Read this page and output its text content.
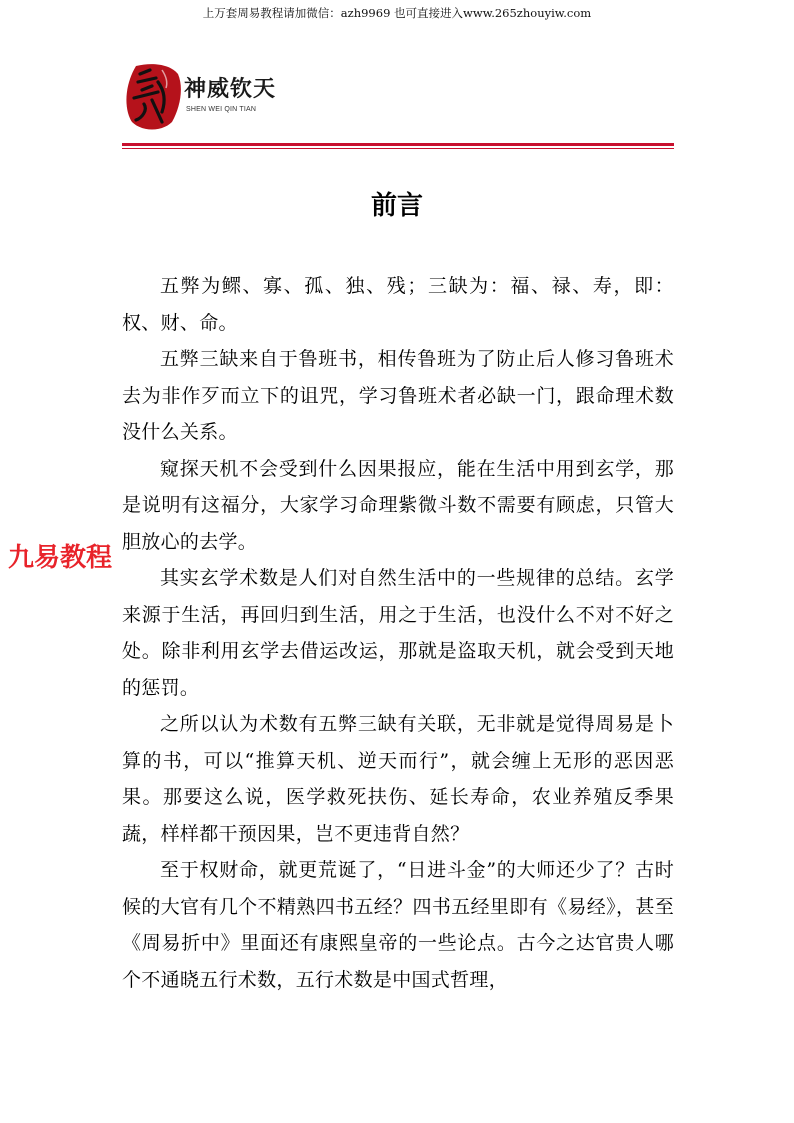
上万套周易教程请加微信：azh9969 也可直接进入www.265zhouyiw.com
神威钦天
SHEN WEI QIN TIAN
前言

五弊为鳏、寡、孤、独、残；三缺为：福、禄、寿，即：权、财、命。

五弊三缺来自于鲁班书，相传鲁班为了防止后人修习鲁班术去为非作歹而立下的诅咒，学习鲁班术者必缺一门，跟命理术数没什么关系。

窥探天机不会受到什么因果报应，能在生活中用到玄学，那是说明有这福分，大家学习命理紫微斗数不需要有顾虑，只管大胆放心的去学。

其实玄学术数是人们对自然生活中的一些规律的总结。玄学来源于生活，再回归到生活，用之于生活，也没什么不对不好之处。除非利用玄学去借运改运，那就是盗取天机，就会受到天地的惩罚。

之所以认为术数有五弊三缺有关联，无非就是觉得周易是卜算的书，可以“推算天机、逆天而行”，就会缠上无形的恶因恶果。那要这么说，医学救死扶伤、延长寿命，农业养殖反季果蔬，样样都干预因果，岂不更违背自然？

至于权财命，就更荒诞了，“日进斗金”的大师还少了？古时候的大官有几个不精熟四书五经？四书五经里即有《易经》，甚至《周易折中》里面还有康熙皇帝的一些论点。古今之达官贵人哪个不通晓五行术数，五行术数是中国式哲理，

九易教程
